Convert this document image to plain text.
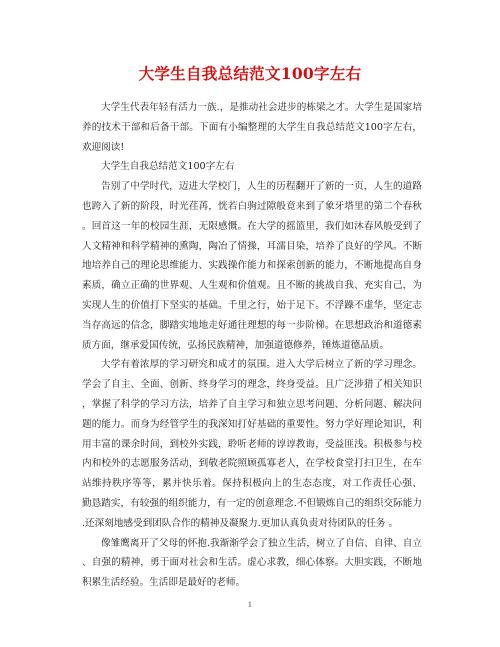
大学生自我总结范文100字左右
大学生代表年轻有活力一族.，是推动社会进步的栋梁之才。大学生是国家培
养的技术干部和后备干部。下面有小编整理的大学生自我总结范文100字左右，
欢迎阅读!
大学生自我总结范文100字左右
告别了中学时代，迈进大学校门，人生的历程翻开了新的一页，人生的道路
也跨入了新的阶段，时光荏苒，恍若白驹过隙般竟来到了象牙塔里的第二个春秋
。回首这一年的校园生涯，无限感慨。在大学的摇篮里，我们如沐春风般受到了
人文精神和科学精神的熏陶，陶冶了情操，耳濡目染，培养了良好的学风。不断
地培养自己的理论思维能力、实践操作能力和探索创新的能力，不断地提高自身
素质，确立正确的世界观、人生观和价值观。且不断的挑战自我、充实自己，为
实现人生的价值打下坚实的基础。千里之行，始于足下。不浮躁不虚华，坚定志
当存高远的信念，脚踏实地地走好通往理想的每一步阶梯。在思想政治和道德素
质方面，继承爱国传统，弘扬民族精神，加强道德修养，锤炼道德品质。
大学有着浓厚的学习研究和成才的氛围。进入大学后树立了新的学习理念。
学会了自主、全面、创新、终身学习的理念，终身受益。且广泛涉猎了相关知识
，掌握了科学的学习方法，培养了自主学习和独立思考问题、分析问题、解决问
题的能力。而身为经管学生的我深知打好基础的重要性。努力学好理论知识，利
用丰富的课余时间，到校外实践，聆听老师的谆谆教诲，受益匪浅。积极参与校
内和校外的志愿服务活动，到敬老院照顾孤寡老人，在学校食堂打扫卫生，在车
站维持秩序等等，累并快乐着。保持积极向上的生态态度，对工作责任心强、
勤恳踏实，有较强的组织能力，有一定的创意理念.不但锻炼自己的组织交际能力
.还深刻地感受到团队合作的精神及凝聚力.更加认真负责对待团队的任务 。
像雏鹰离开了父母的怀抱.我渐渐学会了独立生活，树立了自信、自律、自立
、自强的精神，勇于面对社会和生活。虚心求教，细心体察。大胆实践，不断地
积累生活经验。生活即是最好的老师。
1
